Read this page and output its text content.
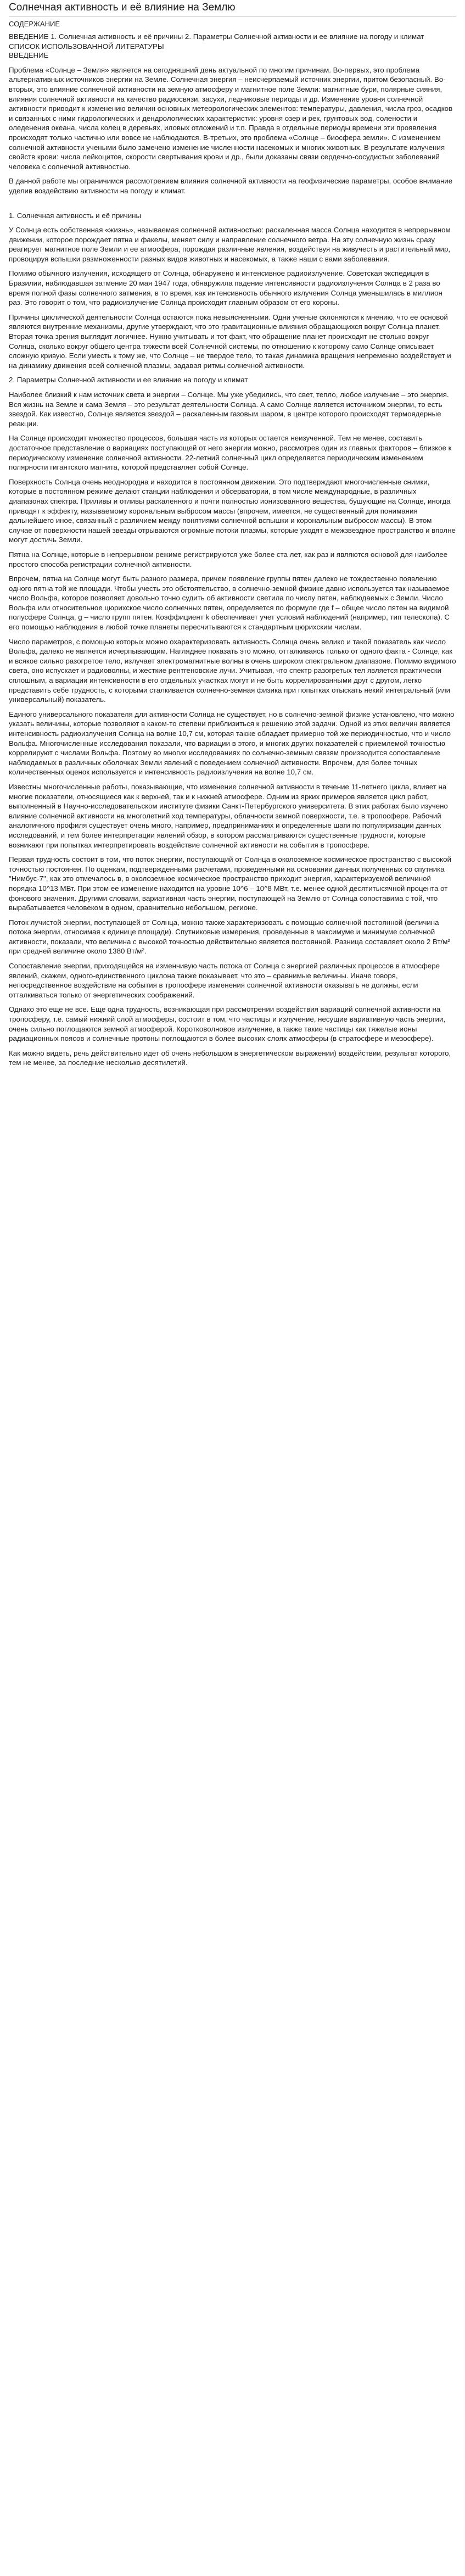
Солнечная активность и её влияние на Землю
СОДЕРЖАНИЕ

ВВЕДЕНИЕ 1. Солнечная активность и её причины 2. Параметры Солнечной активности и ее влияние на погоду и климат СПИСОК ИСПОЛЬЗОВАННОЙ ЛИТЕРАТУРЫ

ВВЕДЕНИЕ

Проблема «Солнце – Земля» является на сегодняшний день актуальной по многим причинам. Во-первых, это проблема альтернативных источников энергии на Земле. Солнечная энергия – неисчерпаемый источник энергии, притом безопасный. Во-вторых, это влияние солнечной активности на земную атмосферу и магнитное поле Земли: магнитные бури, полярные сияния, влияния солнечной активности на качество радиосвязи, засухи, ледниковые периоды и др. Изменение уровня солнечной активности приводит к изменению величин основных метеорологических элементов: температуры, давления, числа гроз, осадков и связанных с ними гидрологических и дендрологических характеристик: уровня озер и рек, грунтовых вод, солености и оледенения океана, числа колец в деревьях, иловых отложений и т.п. Правда в отдельные периоды времени эти проявления происходят только частично или вовсе не наблюдаются. В-третьих, это проблема «Солнце – биосфера земли». С изменением солнечной активности учеными было замечено изменение численности насекомых и многих животных. В результате излучения свойств крови: числа лейкоцитов, скорости свертывания крови и др., были доказаны связи сердечно-сосудистых заболеваний человека с солнечной активностью.

В данной работе мы ограничимся рассмотрением влияния солнечной активности на геофизические параметры, особое внимание уделив воздействию активности на погоду и климат.

1. Солнечная активность и её причины

У Солнца есть собственная «жизнь», называемая солнечной активностью: раскаленная масса Солнца находится в непрерывном движении, которое порождает пятна и факелы, меняет силу и направление солнечного ветра. На эту солнечную жизнь сразу реагирует магнитное поле Земли и ее атмосфера, порождая различные явления, воздействуя на живучесть и растительный мир, провоцируя вспышки размноженности разных видов животных и насекомых, а также наши с вами заболевания.

Помимо обычного излучения, исходящего от Солнца, обнаружено и интенсивное радиоизлучение. Советская экспедиция в Бразилии, наблюдавшая затмение 20 мая 1947 года, обнаружила падение интенсивности радиоизлучения Солнца в 2 раза во время полной фазы солнечного затмения, в то время, как интенсивность обычного излучения Солнца уменьшилась в миллион раз. Это говорит о том, что радиоизлучение Солнца происходит главным образом от его короны.

Причины циклической деятельности Солнца остаются пока невыясненными. Одни ученые склоняются к мнению, что ее основой являются внутренние механизмы, другие утверждают, что это гравитационные влияния обращающихся вокруг Солнца планет. Вторая точка зрения выглядит логичнее. Нужно учитывать и тот факт, что обращение планет происходит не столько вокруг Солнца, сколько вокруг общего центра тяжести всей Солнечной системы, по отношению к которому само Солнце описывает сложную кривую. Если уместь к тому же, что Солнце – не твердое тело, то такая динамика вращения непременно воздействует и на динамику движения всей солнечной плазмы, задавая ритмы солнечной активности.

2. Параметры Солнечной активности и ее влияние на погоду и климат

Наиболее близкий к нам источник света и энергии – Солнце. Мы уже убедились, что свет, тепло, любое излучение – это энергия. Вся жизнь на Земле и сама Земля – это результат деятельности Солнца. А само Солнце является источником энергии, то есть звездой. Как известно, Солнце является звездой – раскаленным газовым шаром, в центре которого происходят термоядерные реакции.

На Солнце происходит множество процессов, большая часть из которых остается неизученной. Тем не менее, составить достаточное представление о вариациях поступающей от него энергии можно, рассмотрев один из главных факторов – близкое к периодическому изменение солнечной активности. 22-летний солнечный цикл определяется периодическим изменением полярности гигантского магнита, которой представляет собой Солнце.

Поверхность Солнца очень неоднородна и находится в постоянном движении. Это подтверждают многочисленные снимки, которые в постоянном режиме делают станции наблюдения и обсерватории, в том числе международные, в различных диапазонах спектра. Приливы и отливы раскаленного и почти полностью ионизованного вещества, бушующие на Солнце, иногда приводят к эффекту, называемому корональным выбросом массы (впрочем, имеется, не существенный для понимания дальнейшего иное, связанный с различием между понятиями солнечной вспышки и корональным выбросом массы). В этом случае от поверхности нашей звезды отрываются огромные потоки плазмы, которые уходят в межзвездное пространство и вполне могут достичь Земли.

Пятна на Солнце, которые в непрерывном режиме регистрируются уже более ста лет, как раз и являются основой для наиболее простого способа регистрации солнечной активности.

Впрочем, пятна на Солнце могут быть разного размера, причем появление группы пятен далеко не тождественно появлению одного пятна той же площади. Чтобы учесть это обстоятельство, в солнечно-земной физике давно используется так называемое число Вольфа, которое позволяет довольно точно судить об активности светила по числу пятен, наблюдаемых с Земли. Число Вольфа или относительное цюрихское число солнечных пятен, определяется по формуле где f – общее число пятен на видимой полусфере Солнца, g – число групп пятен. Коэффициент k обеспечивает учет условий наблюдений (например, тип телескопа). С его помощью наблюдения в любой точке планеты пересчитываются к стандартным цюрихским числам.

Число параметров, с помощью которых можно охарактеризовать активность Солнца очень велико и такой показатель как число Вольфа, далеко не является исчерпывающим. Нагляднее показать это можно, отталкиваясь только от одного факта - Солнце, как и всякое сильно разогретое тело, излучает электромагнитные волны в очень широком спектральном диапазоне. Помимо видимого света, оно испускает и радиоволны, и жесткие рентгеновские лучи. Учитывая, что спектр разогретых тел является практически сплошным, а вариации интенсивности в его отдельных участках могут и не быть коррелированными друг с другом, легко представить себе трудность, с которыми сталкивается солнечно-земная физика при попытках отыскать некий интегральный (или универсальный) показатель.

Единого универсального показателя для активности Солнца не существует, но в солнечно-земной физике установлено, что можно указать величины, которые позволяют в каком-то степени приблизиться к решению этой задачи. Одной из этих величин является интенсивность радиоизлучения Солнца на волне 10,7 см, которая также обладает примерно той же периодичностью, что и число Вольфа. Многочисленные исследования показали, что вариации в этого, и многих других показателей с приемлемой точностью коррелируют с числами Вольфа. Поэтому во многих исследованиях по солнечно-земным связям производится сопоставление наблюдаемых в различных оболочках Земли явлений с поведением солнечной активности. Впрочем, для более точных количественных оценок используется и интенсивность радиоизлучения на волне 10,7 см.

Известны многочисленные работы, показывающие, что изменение солнечной активности в течение 11-летнего цикла, влияет на многие показатели, относящиеся как к верхней, так и к нижней атмосфере. Одним из ярких примеров является цикл работ, выполненный в Научно-исследовательском институте физики Санкт-Петербургского университета. В этих работах было изучено влияние солнечной активности на многолетний ход температуры, облачности земной поверхности, т.е. в тропосфере. Рабочий аналогичного профиля существует очень много, например, предприниманиях и определенные шаги по популяризации данных исследований, и тем более интерпретации явлений обзор, в котором рассматриваются существенные трудности, которые возникают при попытках интерпретировать воздействие солнечной активности на события в тропосфере.

Первая трудность состоит в том, что поток энергии, поступающий от Солнца в околоземное космическое пространство с высокой точностью постоянен. По оценкам, подтвержденными расчетами, проведенными на основании данных полученных со спутника "Нимбус-7", как это отмечалось в, в околоземное космическое пространство приходит энергия, характеризуемой величиной порядка 10^13 МВт. При этом ее изменение находится на уровне 10^6 – 10^8 МВт, т.е. менее одной десятитысячной процента от фонового значения. Другими словами, вариативная часть энергии, поступающей на Землю от Солнца сопоставима с той, что вырабатывается человеком в одном, сравнительно небольшом, регионе.

Поток лучистой энергии, поступающей от Солнца, можно также характеризовать с помощью солнечной постоянной (величина потока энергии, относимая к единице площади). Спутниковые измерения, проведенные в максимуме и минимуме солнечной активности, показали, что величина с высокой точностью действительно является постоянной. Разница составляет около 2 Вт/м² при средней величине около 1380 Вт/м².

Сопоставление энергии, приходящейся на изменчивую часть потока от Солнца с энергией различных процессов в атмосфере явлений, скажем, одного-единственного циклона также показывает, что это – сравнимые величины. Иначе говоря, непосредственное воздействие на события в тропосфере изменения солнечной активности оказывать не должны, если отталкиваться только от энергетических соображений.

Однако это еще не все. Еще одна трудность, возникающая при рассмотрении воздействия вариаций солнечной активности на тропосферу, т.е. самый нижний слой атмосферы, состоит в том, что частицы и излучение, несущие вариативную часть энергии, очень сильно поглощаются земной атмосферой. Коротковолновое излучение, а также такие частицы как тяжелые ионы радиационных поясов и солнечные протоны поглощаются в более высоких слоях атмосферы (в стратосфере и мезосфере).

Как можно видеть, речь действительно идет об очень небольшом в энергетическом выражении) воздействии, результат которого, тем не менее, за последние несколько десятилетий.
